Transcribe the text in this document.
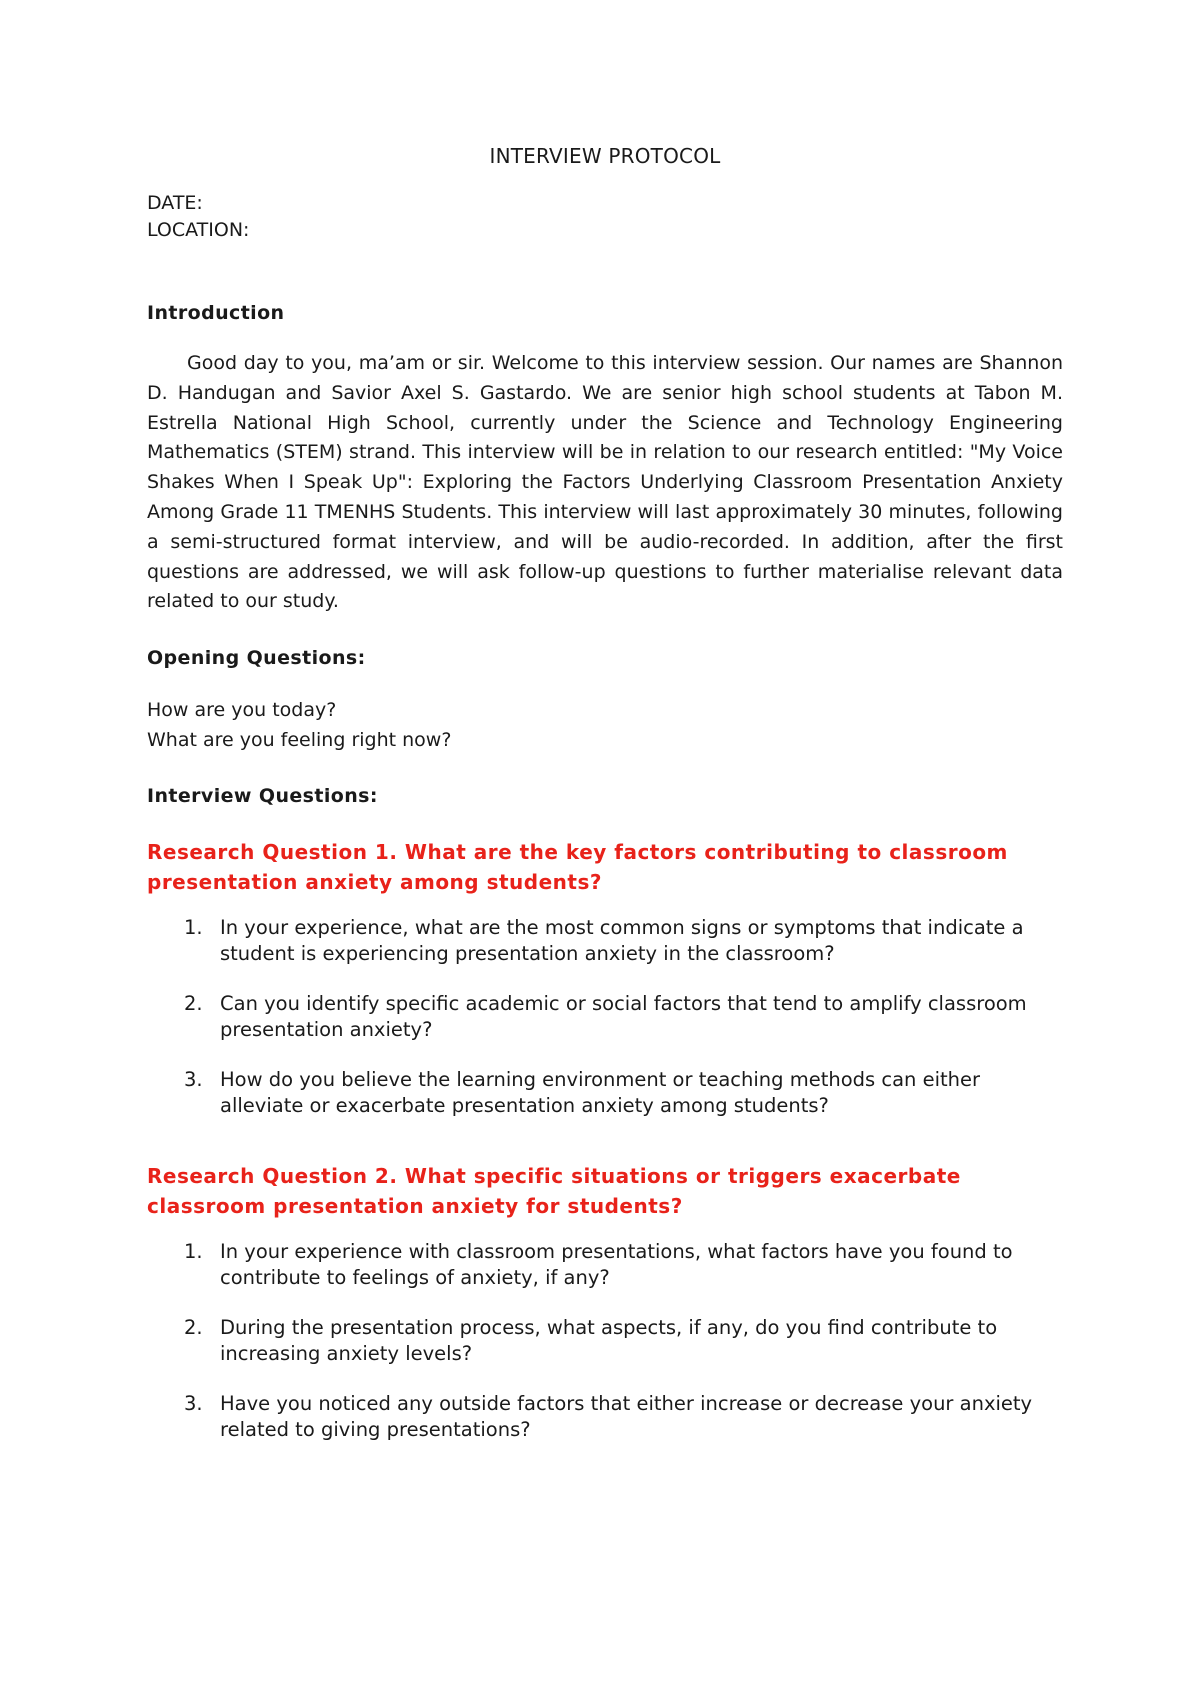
INTERVIEW PROTOCOL

DATE:

LOCATION:

Introduction

Good day to you, ma’am or sir. Welcome to this interview session. Our names are Shannon D. Handugan and Savior Axel S. Gastardo. We are senior high school students at Tabon M. Estrella National High School, currently under the Science and Technology Engineering Mathematics (STEM) strand. This interview will be in relation to our research entitled: "My Voice Shakes When I Speak Up": Exploring the Factors Underlying Classroom Presentation Anxiety Among Grade 11 TMENHS Students. This interview will last approximately 30 minutes, following a semi-structured format interview, and will be audio-recorded. In addition, after the first questions are addressed, we will ask follow-up questions to further materialise relevant data related to our study.

Opening Questions:

How are you today?

What are you feeling right now?

Interview Questions:

Research Question 1. What are the key factors contributing to classroom presentation anxiety among students?

1. In your experience, what are the most common signs or symptoms that indicate a student is experiencing presentation anxiety in the classroom?
2. Can you identify specific academic or social factors that tend to amplify classroom presentation anxiety?
3. How do you believe the learning environment or teaching methods can either alleviate or exacerbate presentation anxiety among students?

Research Question 2. What specific situations or triggers exacerbate classroom presentation anxiety for students?

1. In your experience with classroom presentations, what factors have you found to contribute to feelings of anxiety, if any?
2. During the presentation process, what aspects, if any, do you find contribute to increasing anxiety levels?
3. Have you noticed any outside factors that either increase or decrease your anxiety related to giving presentations?
